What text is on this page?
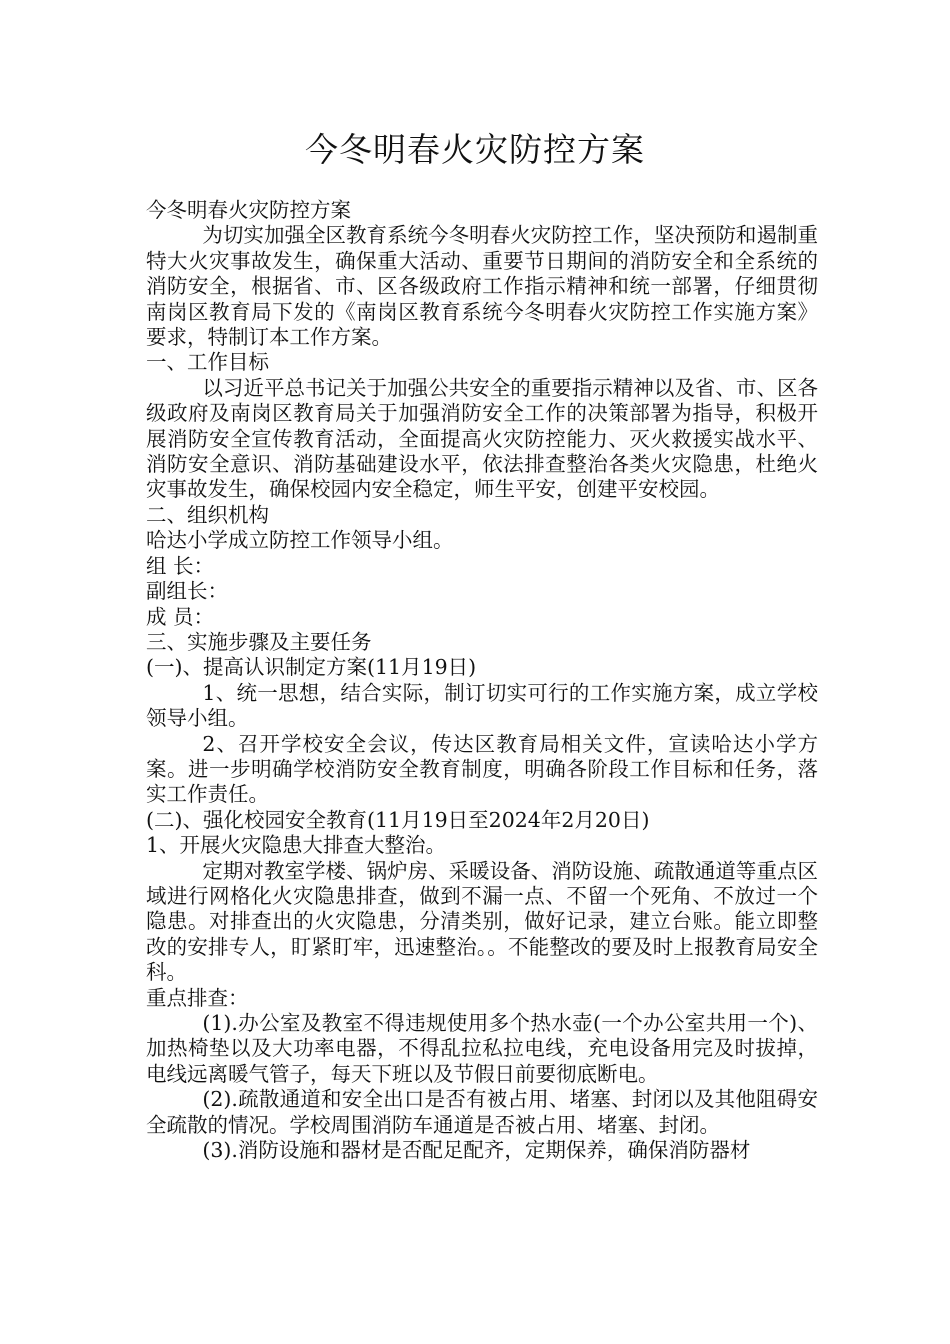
今冬明春火灾防控方案

今冬明春火灾防控方案

为切实加强全区教育系统今冬明春火灾防控工作，坚决预防和遏制重特大火灾事故发生，确保重大活动、重要节日期间的消防安全和全系统的消防安全，根据省、市、区各级政府工作指示精神和统一部署，仔细贯彻南岗区教育局下发的《南岗区教育系统今冬明春火灾防控工作实施方案》要求，特制订本工作方案。

一、工作目标

以习近平总书记关于加强公共安全的重要指示精神以及省、市、区各级政府及南岗区教育局关于加强消防安全工作的决策部署为指导，积极开展消防安全宣传教育活动，全面提高火灾防控能力、灭火救援实战水平、消防安全意识、消防基础建设水平，依法排查整治各类火灾隐患，杜绝火灾事故发生，确保校园内安全稳定，师生平安，创建平安校园。

二、组织机构

哈达小学成立防控工作领导小组。

组 长：

副组长：

成 员：

三、实施步骤及主要任务

(一)、提高认识制定方案(11月19日)

1、统一思想，结合实际，制订切实可行的工作实施方案，成立学校领导小组。

2、召开学校安全会议，传达区教育局相关文件，宣读哈达小学方案。进一步明确学校消防安全教育制度，明确各阶段工作目标和任务，落实工作责任。

(二)、强化校园安全教育(11月19日至2024年2月20日)

1、开展火灾隐患大排查大整治。

定期对教室学楼、锅炉房、采暖设备、消防设施、疏散通道等重点区域进行网格化火灾隐患排查，做到不漏一点、不留一个死角、不放过一个隐患。对排查出的火灾隐患，分清类别，做好记录，建立台账。能立即整改的安排专人，盯紧盯牢，迅速整治。。不能整改的要及时上报教育局安全科。

重点排查：

(1).办公室及教室不得违规使用多个热水壶(一个办公室共用一个)、加热椅垫以及大功率电器，不得乱拉私拉电线，充电设备用完及时拔掉，电线远离暖气管子，每天下班以及节假日前要彻底断电。

(2).疏散通道和安全出口是否有被占用、堵塞、封闭以及其他阻碍安全疏散的情况。学校周围消防车通道是否被占用、堵塞、封闭。

(3).消防设施和器材是否配足配齐，定期保养，确保消防器材
